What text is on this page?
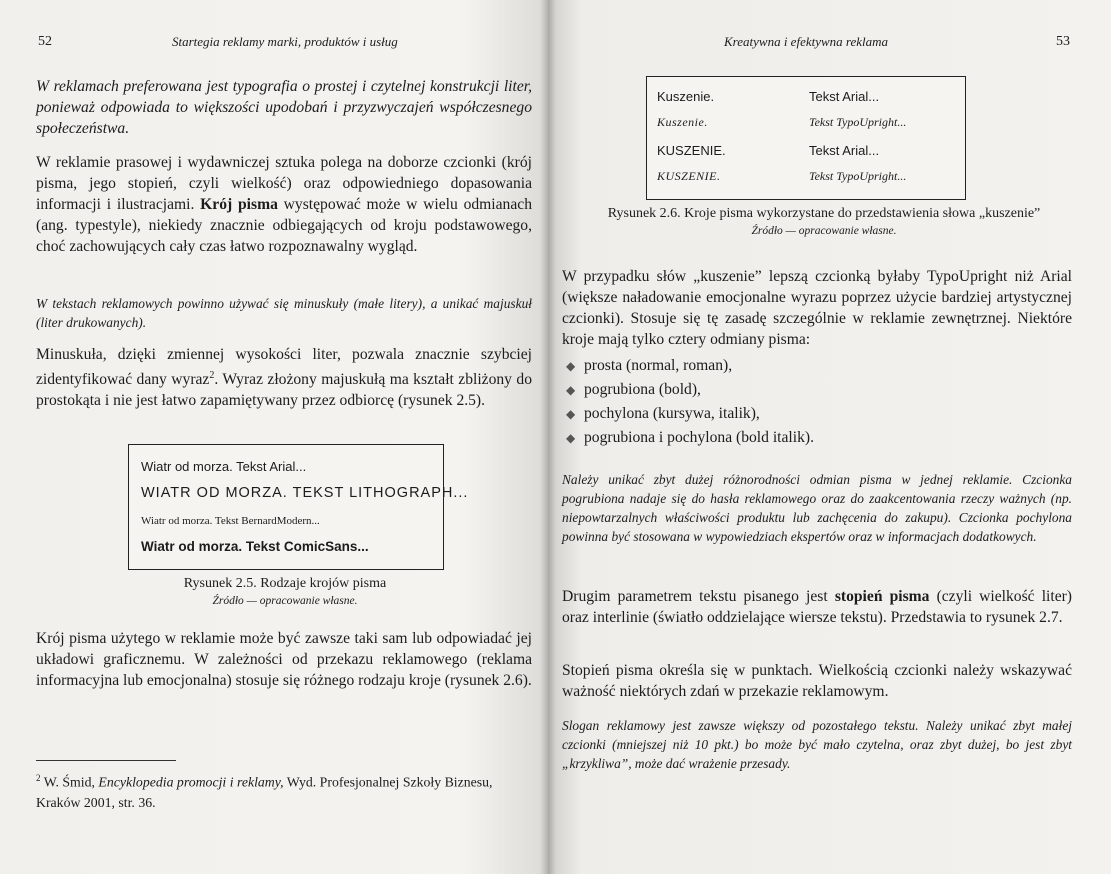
52	Startegia reklamy marki, produktów i usług

W reklamach preferowana jest typografia o prostej i czytelnej konstrukcji liter, ponieważ odpowiada to większości upodobań i przyzwyczajeń współczesnego społeczeństwa.

W reklamie prasowej i wydawniczej sztuka polega na doborze czcionki (krój pisma, jego stopień, czyli wielkość) oraz odpowiedniego dopasowania informacji i ilustracjami. Krój pisma występować może w wielu odmianach (ang. typestyle), niekiedy znacznie odbiegających od kroju podstawowego, choć zachowujących cały czas łatwo rozpoznawalny wygląd.

W tekstach reklamowych powinno używać się minuskuły (małe litery), a unikać majuskuł (liter drukowanych).

Minuskuła, dzięki zmiennej wysokości liter, pozwala znacznie szybciej zidentyfikować dany wyraz$^2$. Wyraz złożony majuskułą ma kształt zbliżony do prostokąta i nie jest łatwo zapamiętywany przez odbiorcę (rysunek 2.5).

Wiatr od morza. Tekst Arial...
WIATR OD MORZA. TEKST LITHOGRAPH...
Wiatr od morza. Tekst BernardModern...
Wiatr od morza. Tekst ComicSans...
Rysunek 2.5. Rodzaje krojów pisma
Źródło — opracowanie własne.

Krój pisma użytego w reklamie może być zawsze taki sam lub odpowiadać jej układowi graficznemu. W zależności od przekazu reklamowego (reklama informacyjna lub emocjonalna) stosuje się różnego rodzaju kroje (rysunek 2.6).

$^2$ W. Śmid, Encyklopedia promocji i reklamy, Wyd. Profesjonalnej Szkoły Biznesu, Kraków 2001, str. 36.

Kreatywna i efektywna reklama	53
Kuszenie.
Kuszenie.
KUSZENIE.
KUSZENIE.
Tekst Arial...
Tekst TypoUpright...
Tekst Arial...
Tekst TypoUpright...
Rysunek 2.6. Kroje pisma wykorzystane do przedstawienia słowa „kuszenie”
Źródło — opracowanie własne.

W przypadku słów „kuszenie” lepszą czcionką byłaby TypoUpright niż Arial (większe naładowanie emocjonalne wyrazu poprzez użycie bardziej artystycznej czcionki). Stosuje się tę zasadę szczególnie w reklamie zewnętrznej. Niektóre kroje mają tylko cztery odmiany pisma:

◆ prosta (normal, roman),
◆ pogrubiona (bold),
◆ pochylona (kursywa, italik),
◆ pogrubiona i pochylona (bold italik).

Należy unikać zbyt dużej różnorodności odmian pisma w jednej reklamie. Czcionka pogrubiona nadaje się do hasła reklamowego oraz do zaakcentowania rzeczy ważnych (np. niepowtarzalnych właściwości produktu lub zachęcenia do zakupu). Czcionka pochylona powinna być stosowana w wypowiedziach ekspertów oraz w informacjach dodatkowych.

Drugim parametrem tekstu pisanego jest stopień pisma (czyli wielkość liter) oraz interlinie (światło oddzielające wiersze tekstu). Przedstawia to rysunek 2.7.

Stopień pisma określa się w punktach. Wielkością czcionki należy wskazywać ważność niektórych zdań w przekazie reklamowym.

Slogan reklamowy jest zawsze większy od pozostałego tekstu. Należy unikać zbyt małej czcionki (mniejszej niż 10 pkt.) bo może być mało czytelna, oraz zbyt dużej, bo jest zbyt „krzykliwa”, może dać wrażenie przesady.
